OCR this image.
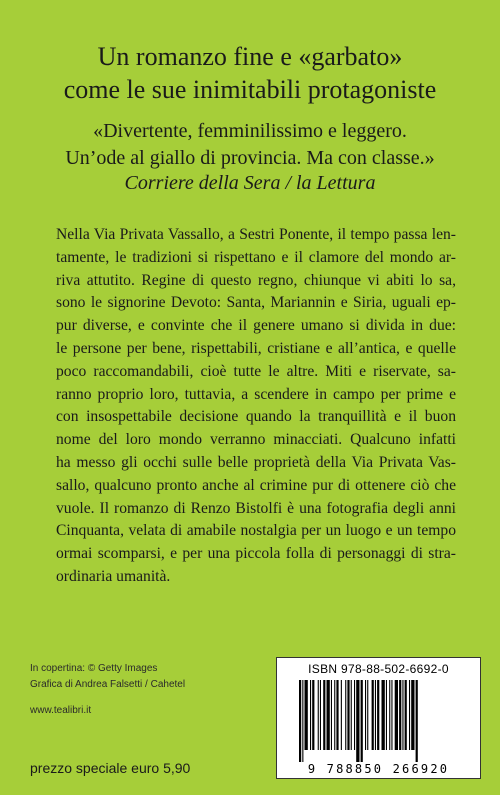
Un romanzo fine e «garbato»
come le sue inimitabili protagoniste
«Divertente, femminilissimo e leggero.
Un’ode al giallo di provincia. Ma con classe.»
Corriere della Sera / la Lettura
Nella Via Privata Vassallo, a Sestri Ponente, il tempo passa len-
tamente, le tradizioni si rispettano e il clamore del mondo ar-
riva attutito. Regine di questo regno, chiunque vi abiti lo sa,
sono le signorine Devoto: Santa, Mariannin e Siria, uguali ep-
pur diverse, e convinte che il genere umano si divida in due:
le persone per bene, rispettabili, cristiane e all’antica, e quelle
poco raccomandabili, cioè tutte le altre. Miti e riservate, sa-
ranno proprio loro, tuttavia, a scendere in campo per prime e
con insospettabile decisione quando la tranquillità e il buon
nome del loro mondo verranno minacciati. Qualcuno infatti
ha messo gli occhi sulle belle proprietà della Via Privata Vas-
sallo, qualcuno pronto anche al crimine pur di ottenere ciò che
vuole. Il romanzo di Renzo Bistolfi è una fotografia degli anni
Cinquanta, velata di amabile nostalgia per un luogo e un tempo
ormai scomparsi, e per una piccola folla di personaggi di stra-
ordinaria umanità.
In copertina: © Getty Images
Grafica di Andrea Falsetti / Cahetel
www.tealibri.it
prezzo speciale euro 5,90
ISBN 978-88-502-6692-0
9 788850 266920
